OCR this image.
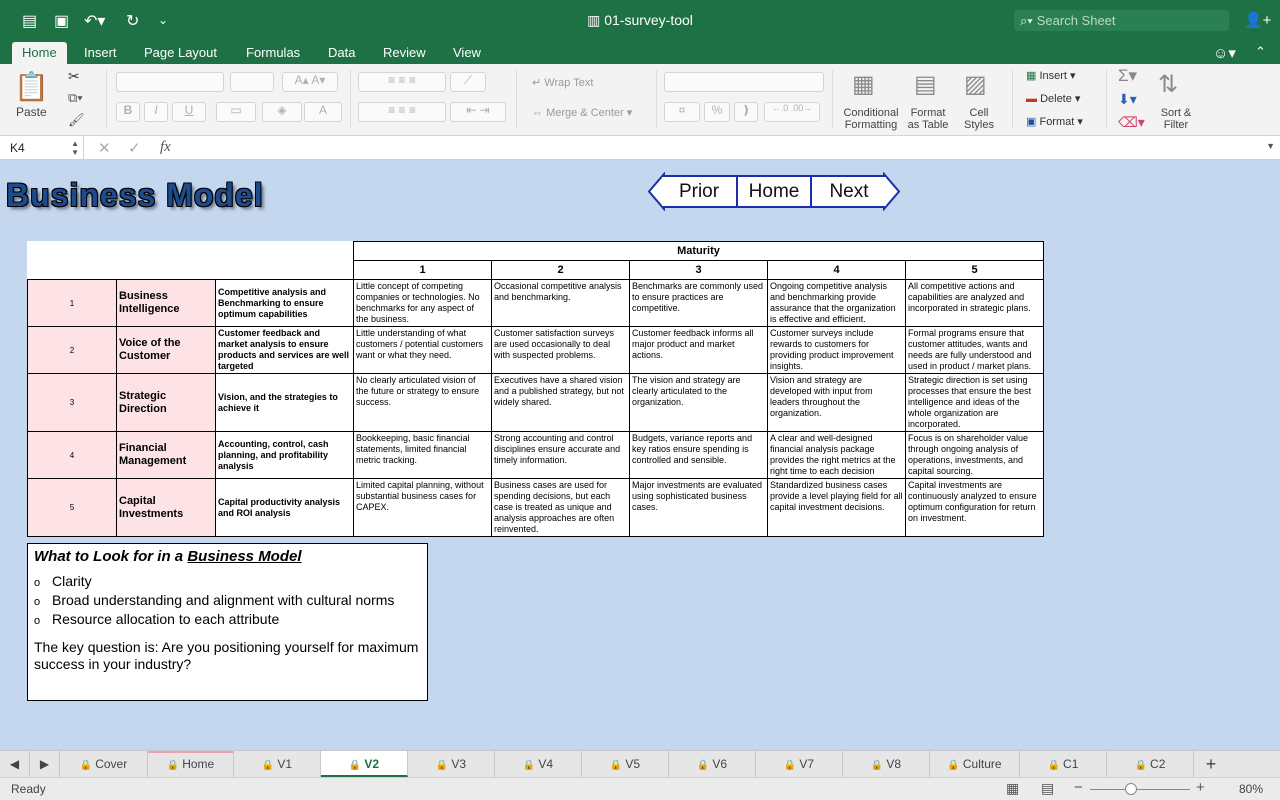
▤ ▣ ↶▾ ↻ ⌄	▥ 01-survey-tool	⌕▾ Search Sheet	👤+
Home	Insert Page Layout Formulas Data Review View	☺▾ ⌃
📋
Paste
✂
⧉▾
🖌
A▴ A▾
B	I	U	▭	◈	A
≡ ≡ ≡	⟋
≡ ≡ ≡	⇤ ⇥
↵ Wrap Text
⇔ Merge & Center ▾	¤	%	❫	←.0 .00→
▦
Conditional
Formatting
▤
Format
as Table
▨
Cell
Styles
▦ Insert ▾
▬ Delete ▾
▣ Format ▾
Σ▾
⬇▾
⌫▾
⇅
Sort &
Filter
K4	▲
▼ ✕ ✓ fx	▼
Business Model	Prior	Home	Next
			Maturity				
			1	2	3	4	5
1	Business Intelligence	Competitive analysis and Benchmarking to ensure optimum capabilities	Little concept of competing companies or technologies. No benchmarks for any aspect of the business.	Occasional competitive analysis and benchmarking.	Benchmarks are commonly used to ensure practices are competitive.	Ongoing competitive analysis and benchmarking provide assurance that the organization is effective and efficient.	All competitive actions and capabilities are analyzed and incorporated in strategic plans.
2	Voice of the Customer	Customer feedback and market analysis to ensure products and services are well targeted	Little understanding of what customers / potential customers want or what they need.	Customer satisfaction surveys are used occasionally to deal with suspected problems.	Customer feedback informs all major product and market actions.	Customer surveys include rewards to customers for providing product improvement insights.	Formal programs ensure that customer attitudes, wants and needs are fully understood and used in product / market plans.
3	Strategic Direction	Vision, and the strategies to achieve it	No clearly articulated vision of the future or strategy to ensure success.	Executives have a shared vision and a published strategy, but not widely shared.	The vision and strategy are clearly articulated to the organization.	Vision and strategy are developed with input from leaders throughout the organization.	Strategic direction is set using processes that ensure the best intelligence and ideas of the whole organization are incorporated.
4	Financial Management	Accounting, control, cash planning, and profitability analysis	Bookkeeping, basic financial statements, limited financial metric tracking.	Strong accounting and control disciplines ensure accurate and timely information.	Budgets, variance reports and key ratios ensure spending is controlled and sensible.	A clear and well-designed financial analysis package provides the right metrics at the right time to each decision	Focus is on shareholder value through ongoing analysis of operations, investments, and capital sourcing.
5	Capital Investments	Capital productivity analysis and ROI analysis	Limited capital planning, without substantial business cases for CAPEX.	Business cases are used for spending decisions, but each case is treated as unique and analysis approaches are often reinvented.	Major investments are evaluated using sophisticated business cases.	Standardized business cases provide a level playing field for all capital investment decisions.	Capital investments are continuously analyzed to ensure optimum configuration for return on investment.
What to Look for in a Business Model
o Clarity
o Broad understanding and alignment with cultural norms
o Resource allocation to each attribute

The key question is: Are you positioning yourself for maximum success in your industry?

◀	▶	🔒 Cover	🔒 Home	🔒 V1	🔒 V2	🔒 V3	🔒 V4	🔒 V5	🔒 V6	🔒 V7	🔒 V8	🔒 Culture	🔒 C1	🔒 C2	+
Ready	▦ ▤ −	+	80%
